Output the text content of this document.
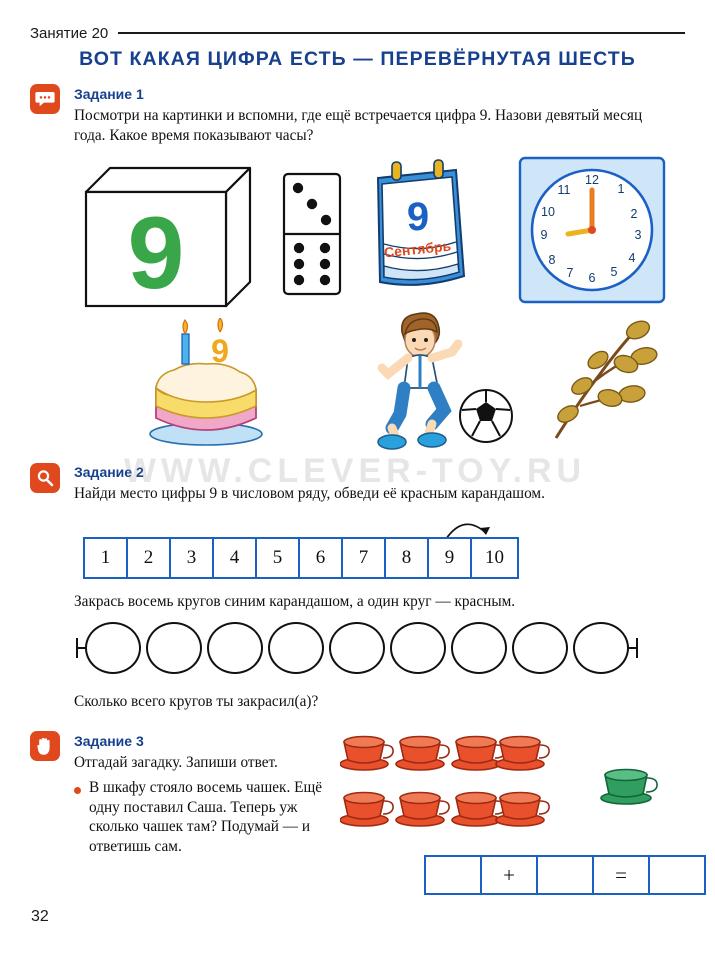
Занятие 20
ВОТ КАКАЯ ЦИФРА ЕСТЬ — ПЕРЕВЁРНУТАЯ ШЕСТЬ
Задание 1
Посмотри на картинки и вспомни, где ещё встречается цифра 9. Назови девятый месяц года. Какое время показывают часы?
9	9
Сентябрь
12
1
2
3
4
5
6
7
8
9
10
11
9
Задание 2
Найди место цифры 9 в числовом ряду, обведи её красным карандашом.
WWW.CLEVER-TOY.RU
1	2	3	4	5	6	7	8	9	10
Закрась восемь кругов синим карандашом, а один круг — красным.
Сколько всего кругов ты закрасил(а)?
Задание 3
Отгадай загадку. Запиши ответ.
В шкафу стояло восемь чашек. Ещё одну поставил Саша. Теперь уж сколько чашек там? Подумай — и ответишь сам.
+	=
32
